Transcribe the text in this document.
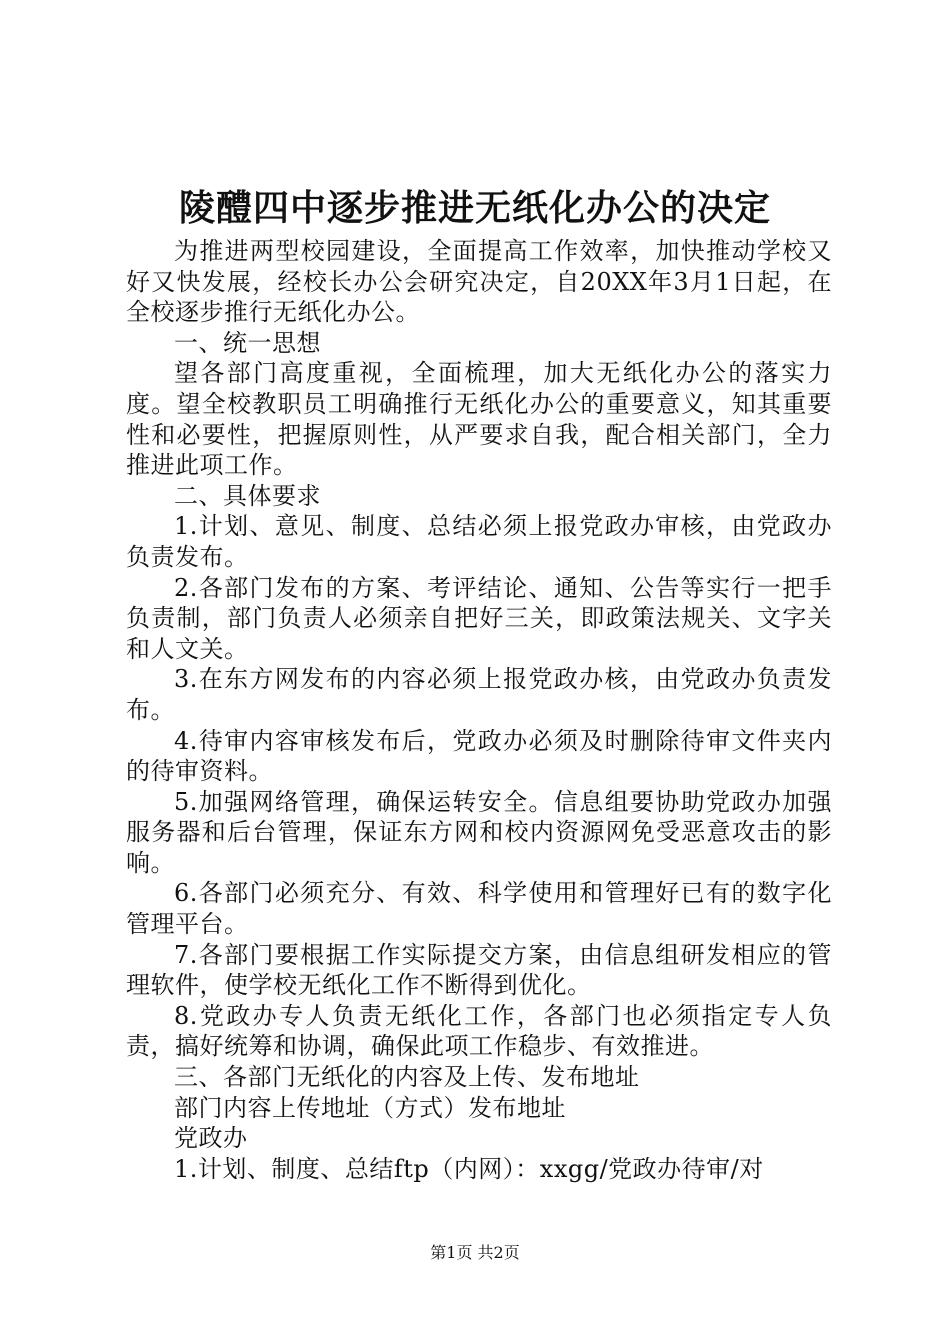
陵醴四中逐步推进无纸化办公的决定

为推进两型校园建设，全面提高工作效率，加快推动学校又好又快发展，经校长办公会研究决定，自20XX年3月1日起，在全校逐步推行无纸化办公。

一、统一思想

望各部门高度重视，全面梳理，加大无纸化办公的落实力度。望全校教职员工明确推行无纸化办公的重要意义，知其重要性和必要性，把握原则性，从严要求自我，配合相关部门，全力推进此项工作。

二、具体要求

1.计划、意见、制度、总结必须上报党政办审核，由党政办负责发布。

2.各部门发布的方案、考评结论、通知、公告等实行一把手负责制，部门负责人必须亲自把好三关，即政策法规关、文字关和人文关。

3.在东方网发布的内容必须上报党政办核，由党政办负责发布。

4.待审内容审核发布后，党政办必须及时删除待审文件夹内的待审资料。

5.加强网络管理，确保运转安全。信息组要协助党政办加强服务器和后台管理，保证东方网和校内资源网免受恶意攻击的影响。

6.各部门必须充分、有效、科学使用和管理好已有的数字化管理平台。

7.各部门要根据工作实际提交方案，由信息组研发相应的管理软件，使学校无纸化工作不断得到优化。

8.党政办专人负责无纸化工作，各部门也必须指定专人负责，搞好统筹和协调，确保此项工作稳步、有效推进。

三、各部门无纸化的内容及上传、发布地址

部门内容上传地址（方式）发布地址

党政办

1.计划、制度、总结ftp（内网）：xxgg/党政办待审/对

第1页 共2页
